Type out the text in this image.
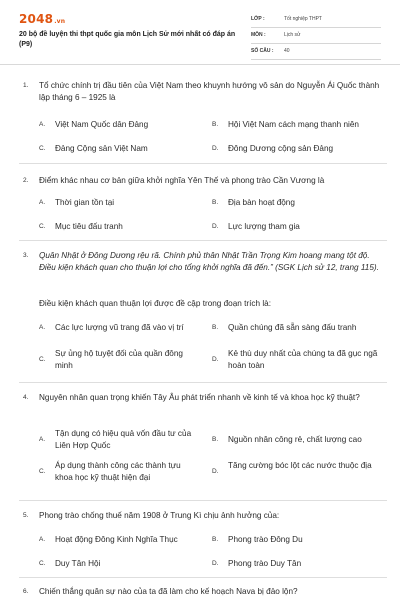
2048.vn
20 bộ đề luyện thi thpt quốc gia môn Lịch Sử mới nhất có đáp án (P9)
LỚP :	Tốt nghiệp THPT
MÔN :	Lịch sử
SỐ CÂU : 40
1. Tổ chức chính trị đầu tiên của Việt Nam theo khuynh hướng vô sản do Nguyễn Ái Quốc thành lập tháng 6 – 1925 là
A. Việt Nam Quốc dân Đảng	B. Hội Việt Nam cách mạng thanh niên
C. Đảng Cộng sản Việt Nam	D. Đông Dương cộng sản Đảng
2. Điểm khác nhau cơ bản giữa khởi nghĩa Yên Thế và phong trào Cần Vương là
A. Thời gian tồn tại	B. Địa bàn hoạt động
C. Mục tiêu đấu tranh	D. Lực lượng tham gia
3. Quân Nhật ở Đông Dương rệu rã. Chính phủ thân Nhật Trần Trọng Kim hoang mang tột độ. Điều kiện khách quan cho thuận lợi cho tổng khởi nghĩa đã đến.” (SGK Lịch sử 12, trang 115).
Điều kiện khách quan thuận lợi được đề cập trong đoạn trích là:
A. Các lực lượng vũ trang đã vào vị trí	B. Quần chúng đã sẵn sàng đấu tranh
C.
Sự ủng hộ tuyệt đối của quần đông minh
D.
Kẻ thù duy nhất của chúng ta đã gục ngã hoàn toàn
4. Nguyên nhân quan trọng khiến Tây Âu phát triển nhanh về kinh tế và khoa học kỹ thuật?
A.
Tận dụng có hiệu quả vốn đầu tư của Liên Hợp Quốc
B. Nguồn nhân công rẻ, chất lượng cao
C.
Áp dụng thành công các thành tựu khoa học kỹ thuật hiện đại
D.
Tăng cường bóc lột các nước thuộc địa
5. Phong trào chống thuế năm 1908 ở Trung Kì chịu ảnh hưởng của:
A. Hoạt động Đông Kinh Nghĩa Thục	B. Phong trào Đông Du
C. Duy Tân Hội	D. Phong trào Duy Tân
6. Chiến thắng quân sự nào của ta đã làm cho kế hoạch Nava bị đảo lộn?
